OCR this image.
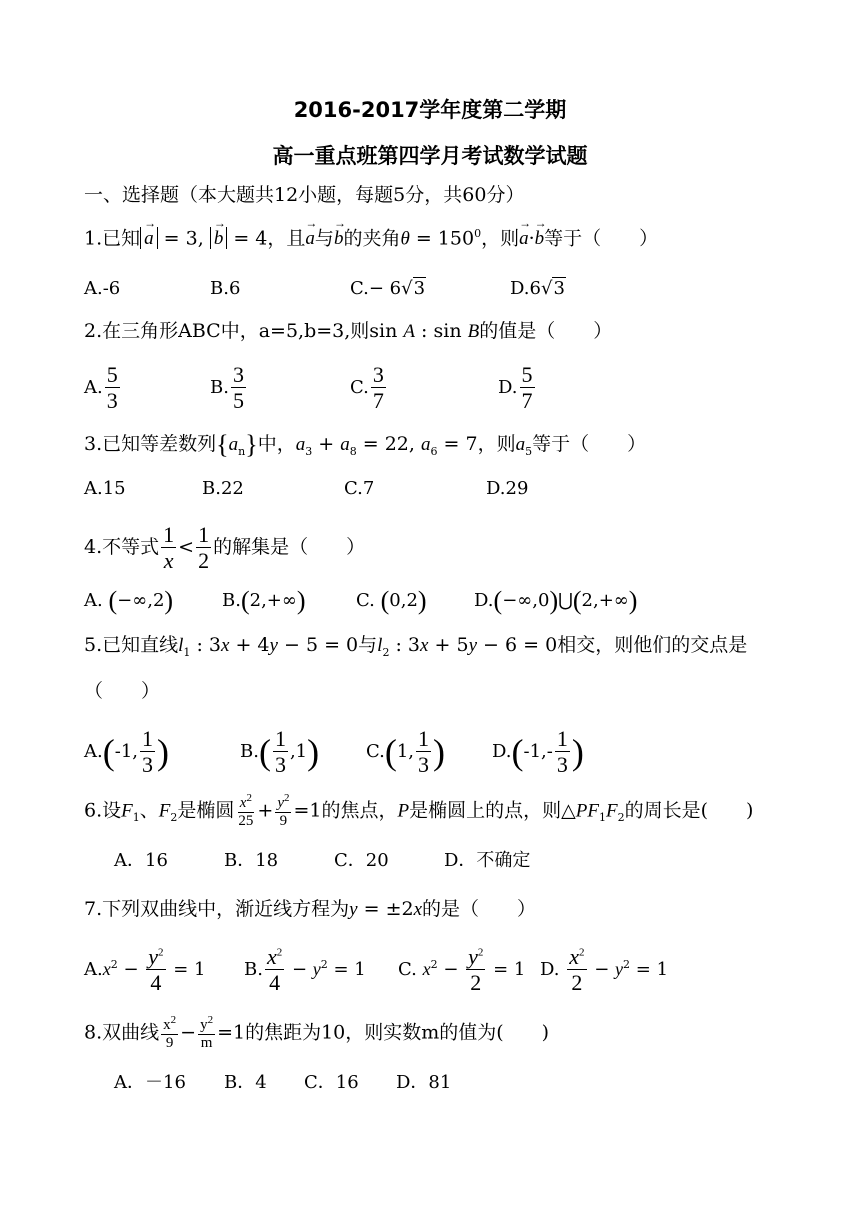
2016-2017学年度第二学期
高一重点班第四学月考试数学试题
一、选择题（本大题共12小题，每题5分，共60分）
1.已知→ a = 3, → b = 4，且→ a与→ b的夹角$\theta = 150^0$，则→ a·→ b等于（　　）
A.-6	B.6	C.− 6√3	D.6√3
2.在三角形ABC中，a=5,b=3,则sin A : sin B的值是（　　）
A. $\frac{5}{3}$	B. $\frac{3}{5}$	C. $\frac{3}{7}$	D. $\frac{5}{7}$
3.已知等差数列$\{a_n\}$中，$a_3 + a_8 = 22$, $a_6 = 7$，则$a_5$等于（　　）
A.15	B.22	C.7	D.29
4.不等式 $\frac{1}{x} < \frac{1}{2}$ 的解集是（　　）
A. (−∞,2)	B.(2,+∞)	C. (0,2)	D.(−∞,0)⋃(2,+∞)
5.已知直线$l_1$ : 3x + 4y − 5 = 0与$l_2$ : 3x + 5y − 6 = 0相交，则他们的交点是
（　　）
A.(-1, $\frac{1}{3}$ )	$B.( \frac{1}{3} ,1)$	C.(1, $\frac{1}{3}$ )	$D.(-1,- \frac{1}{3}$ )
6.设$F_1$、$F_2$是椭圆 $\frac{x^2}{25} + \frac{y^2}{9} =1$的焦点，P是椭圆上的点，则$\triangle PF_1F_2$的周长是(　　)
A．16	B．18	C．20	D．不确定
7.下列双曲线中，渐近线方程为y = ±2x的是（　　）
$A.x^2 - \frac{y^2}{4} = 1$ B. $\frac{x^2}{4} - y^2 = 1$ C. $x^2 - \frac{y^2}{2} = 1$ D. $\frac{x^2}{2} - y^2 = 1$
8.双曲线 $\frac{x^2}{9} - \frac{y^2}{m} =1$的焦距为10，则实数m的值为(　　)
A．－16 B．4 C．16 D．81
